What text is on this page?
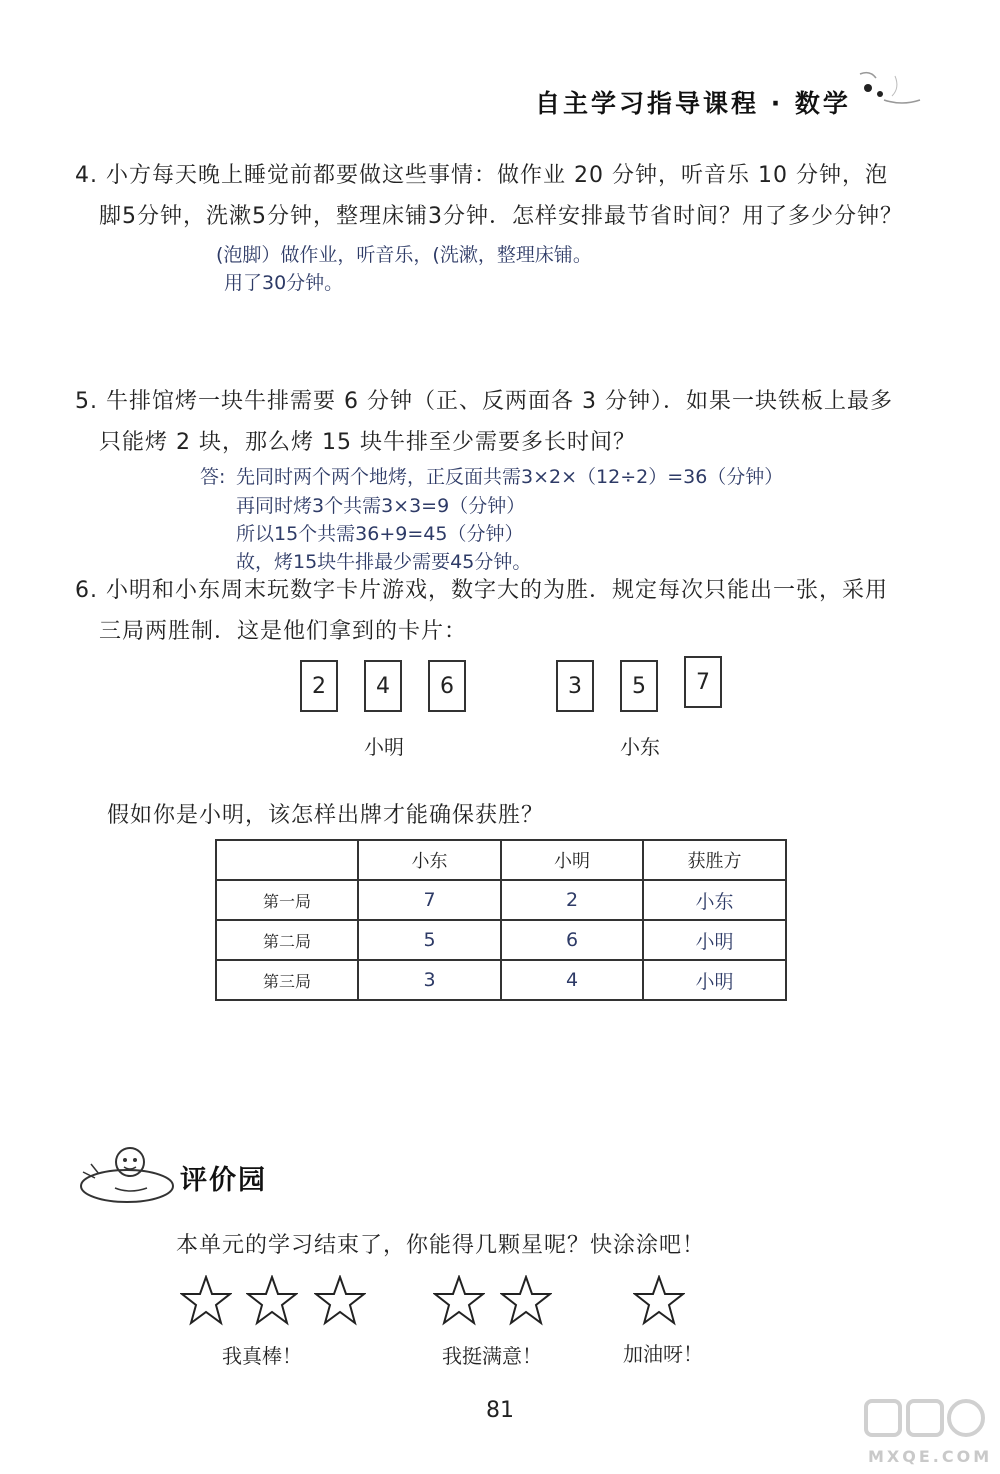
自主学习指导课程 · 数学
4. 小方每天晚上睡觉前都要做这些事情：做作业 20 分钟，听音乐 10 分钟，泡
脚5分钟，洗漱5分钟，整理床铺3分钟．怎样安排最节省时间？用了多少分钟？
(泡脚）做作业，听音乐，(洗漱，整理床铺。
用了30分钟。
5. 牛排馆烤一块牛排需要 6 分钟（正、反两面各 3 分钟）．如果一块铁板上最多
只能烤 2 块，那么烤 15 块牛排至少需要多长时间？
答: 先同时两个两个地烤，正反面共需3×2×（12÷2）=36（分钟）
再同时烤3个共需3×3=9（分钟）
所以15个共需36+9=45（分钟）
故，烤15块牛排最少需要45分钟。
6. 小明和小东周末玩数字卡片游戏，数字大的为胜．规定每次只能出一张，采用
三局两胜制．这是他们拿到的卡片：
2	4	6
小明
3	5	7
小东
假如你是小明，该怎样出牌才能确保获胜？
	小东	小明	获胜方
第一局	7	2	小东
第二局	5	6	小明
第三局	3	4	小明
评价园
本单元的学习结束了，你能得几颗星呢？快涂涂吧！
我真棒！	我挺满意！	加油呀！
81
MXQE.COM
